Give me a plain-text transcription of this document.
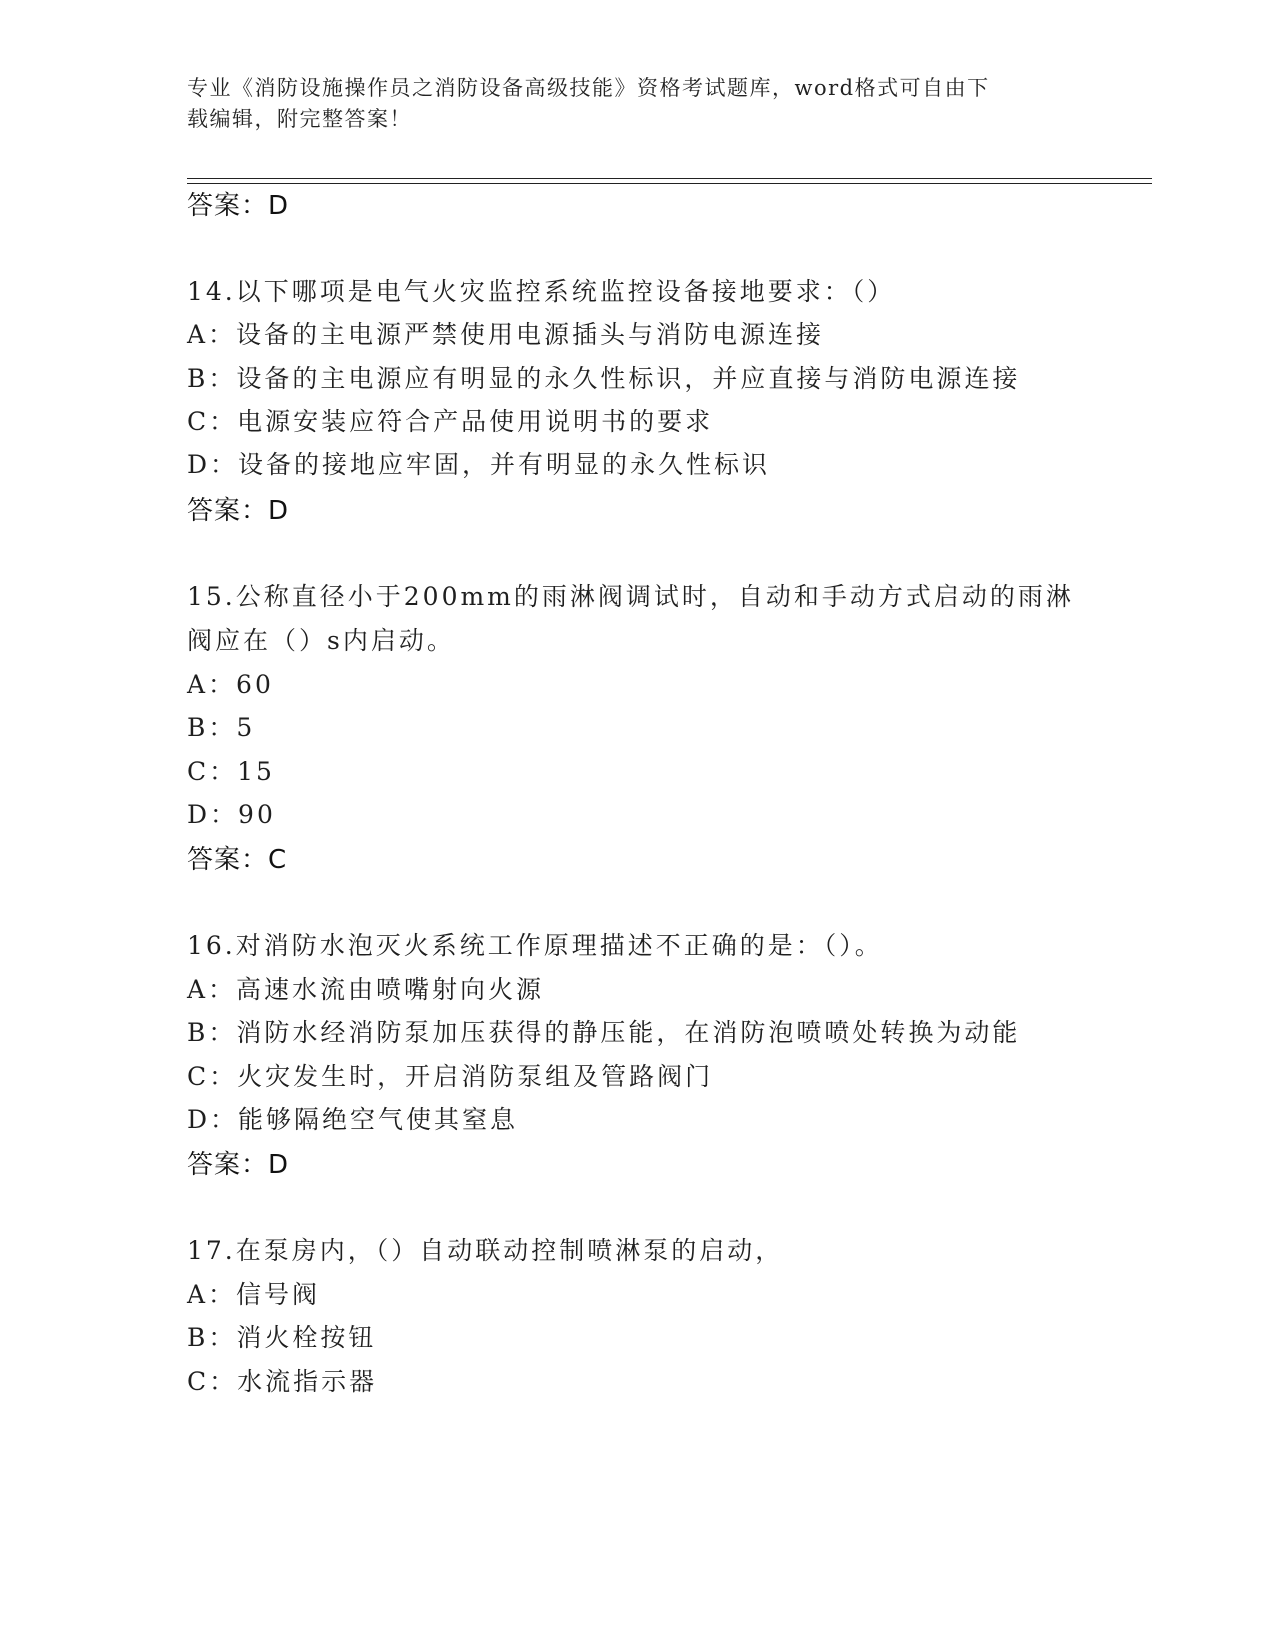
专业《消防设施操作员之消防设备高级技能》资格考试题库，word格式可自由下
载编辑，附完整答案！
答案：D
14.以下哪项是电气火灾监控系统监控设备接地要求：（）
A：设备的主电源严禁使用电源插头与消防电源连接
B：设备的主电源应有明显的永久性标识，并应直接与消防电源连接
C：电源安装应符合产品使用说明书的要求
D：设备的接地应牢固，并有明显的永久性标识
答案：D
15.公称直径小于200mm的雨淋阀调试时，自动和手动方式启动的雨淋
阀应在（）s内启动。
A：60
B：5
C：15
D：90
答案：C
16.对消防水泡灭火系统工作原理描述不正确的是：（）。
A：高速水流由喷嘴射向火源
B：消防水经消防泵加压获得的静压能，在消防泡喷喷处转换为动能
C：火灾发生时，开启消防泵组及管路阀门
D：能够隔绝空气使其窒息
答案：D
17.在泵房内，（）自动联动控制喷淋泵的启动，
A：信号阀
B：消火栓按钮
C：水流指示器
